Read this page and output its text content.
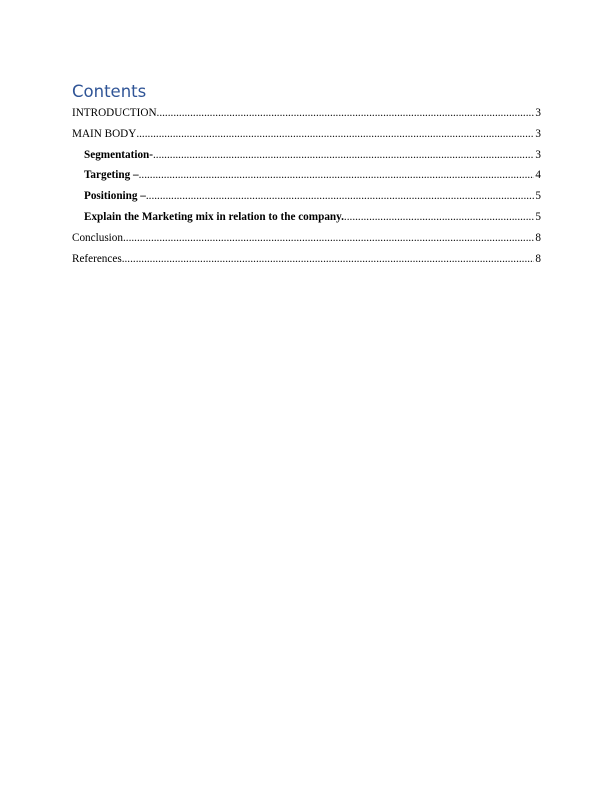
Contents
INTRODUCTION .....	3
MAIN BODY .....	3
Segmentation- .....	3
Targeting – .....	4
Positioning – .....	5
Explain the Marketing mix in relation to the company. .....	5
Conclusion .....	8
References .....	8
